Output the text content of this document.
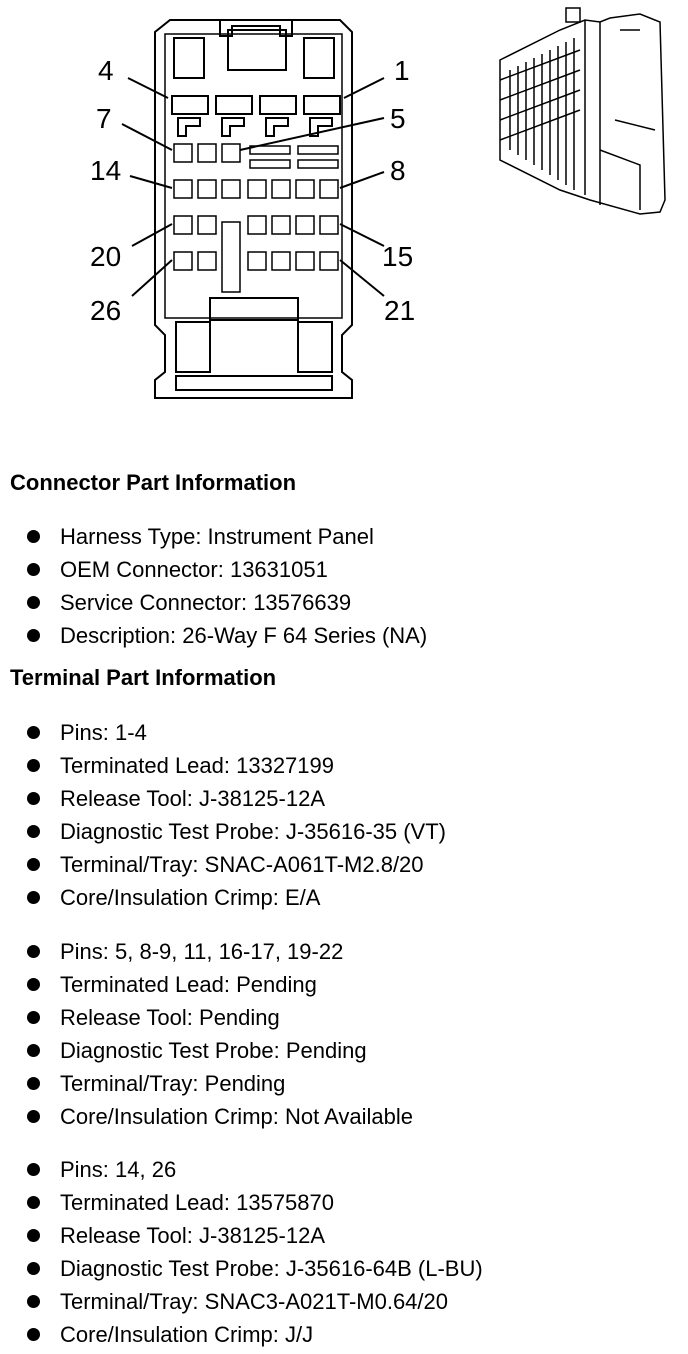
4	1
7	5
14	8
20	15
26	21
Connector Part Information
Harness Type: Instrument Panel
OEM Connector: 13631051
Service Connector: 13576639
Description: 26-Way F 64 Series (NA)
Terminal Part Information
Pins: 1-4
Terminated Lead: 13327199
Release Tool: J-38125-12A
Diagnostic Test Probe: J-35616-35 (VT)
Terminal/Tray: SNAC-A061T-M2.8/20
Core/Insulation Crimp: E/A
Pins: 5, 8-9, 11, 16-17, 19-22
Terminated Lead: Pending
Release Tool: Pending
Diagnostic Test Probe: Pending
Terminal/Tray: Pending
Core/Insulation Crimp: Not Available
Pins: 14, 26
Terminated Lead: 13575870
Release Tool: J-38125-12A
Diagnostic Test Probe: J-35616-64B (L-BU)
Terminal/Tray: SNAC3-A021T-M0.64/20
Core/Insulation Crimp: J/J
